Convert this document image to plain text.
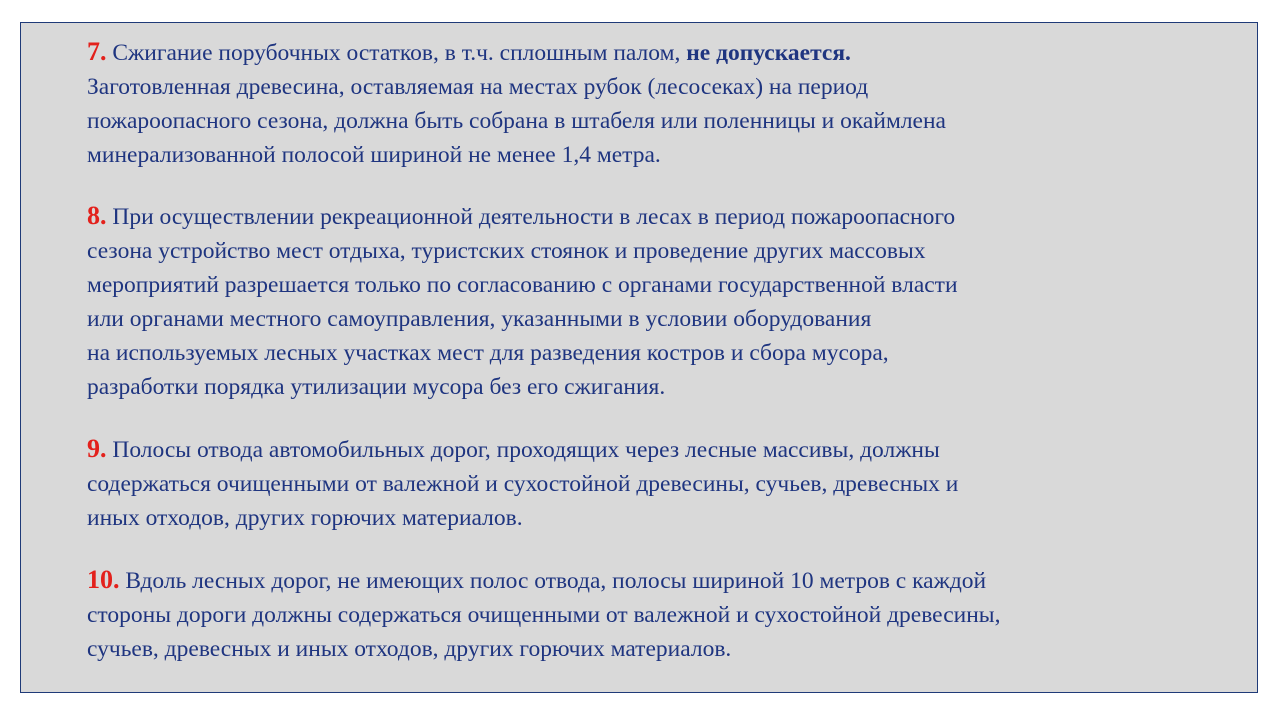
7. Сжигание порубочных остатков, в т.ч. сплошным палом, не допускается.
Заготовленная древесина, оставляемая на местах рубок (лесосеках) на период
пожароопасного сезона, должна быть собрана в штабеля или поленницы и окаймлена
минерализованной полосой шириной не менее 1,4 метра.

8. При осуществлении рекреационной деятельности в лесах в период пожароопасного
сезона устройство мест отдыха, туристских стоянок и проведение других массовых
мероприятий разрешается только по согласованию с органами государственной власти
или органами местного самоуправления, указанными в условии оборудования
на используемых лесных участках мест для разведения костров и сбора мусора,
разработки порядка утилизации мусора без его сжигания.

9. Полосы отвода автомобильных дорог, проходящих через лесные массивы, должны
содержаться очищенными от валежной и сухостойной древесины, сучьев, древесных и
иных отходов, других горючих материалов.

10. Вдоль лесных дорог, не имеющих полос отвода, полосы шириной 10 метров с каждой
стороны дороги должны содержаться очищенными от валежной и сухостойной древесины,
сучьев, древесных и иных отходов, других горючих материалов.
